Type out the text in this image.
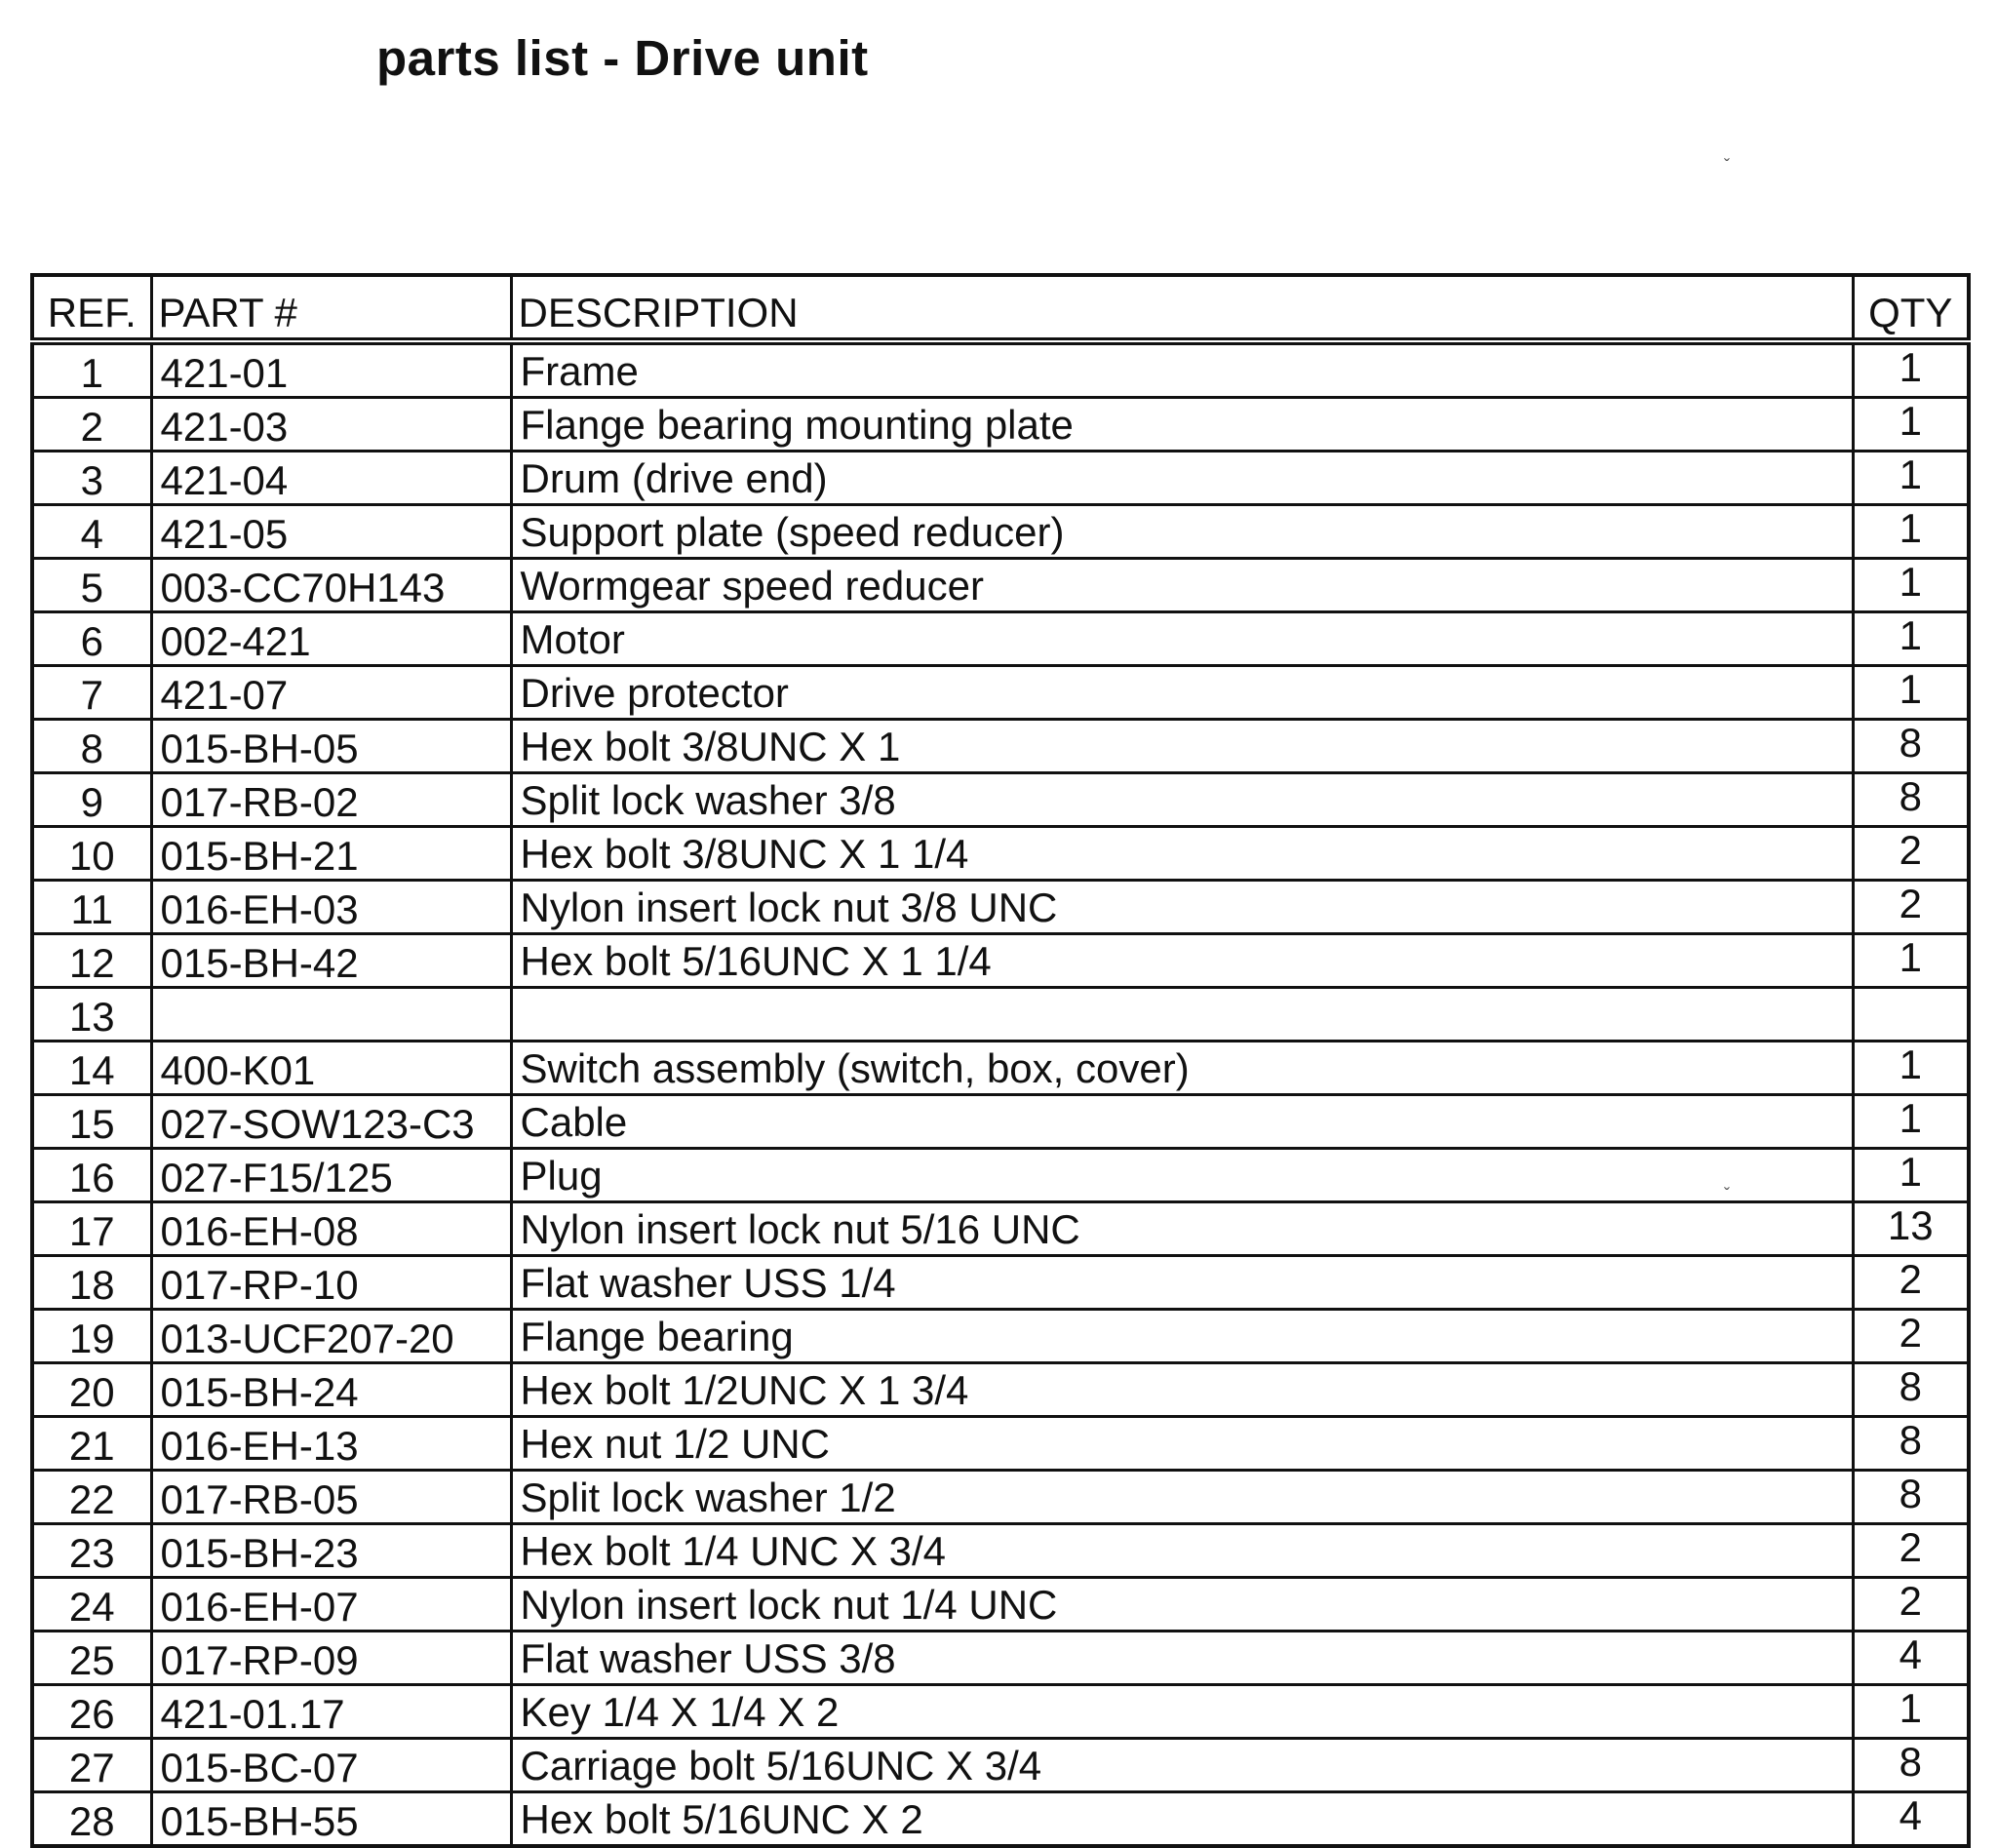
parts list - Drive unit
ˇ
ˇ
REF.	PART #	DESCRIPTION	QTY
1	421-01	Frame	1
2	421-03	Flange bearing mounting plate	1
3	421-04	Drum (drive end)	1
4	421-05	Support plate (speed reducer)	1
5	003-CC70H143	Wormgear speed reducer	1
6	002-421	Motor	1
7	421-07	Drive protector	1
8	015-BH-05	Hex bolt 3/8UNC X 1	8
9	017-RB-02	Split lock washer 3/8	8
10	015-BH-21	Hex bolt 3/8UNC X 1 1/4	2
11	016-EH-03	Nylon insert lock nut 3/8 UNC	2
12	015-BH-42	Hex bolt 5/16UNC X 1 1/4	1
13			
14	400-K01	Switch assembly (switch, box, cover)	1
15	027-SOW123-C3	Cable	1
16	027-F15/125	Plug	1
17	016-EH-08	Nylon insert lock nut 5/16 UNC	13
18	017-RP-10	Flat washer USS 1/4	2
19	013-UCF207-20	Flange bearing	2
20	015-BH-24	Hex bolt 1/2UNC X 1 3/4	8
21	016-EH-13	Hex nut 1/2 UNC	8
22	017-RB-05	Split lock washer 1/2	8
23	015-BH-23	Hex bolt 1/4 UNC X 3/4	2
24	016-EH-07	Nylon insert lock nut 1/4 UNC	2
25	017-RP-09	Flat washer USS 3/8	4
26	421-01.17	Key 1/4 X 1/4 X 2	1
27	015-BC-07	Carriage bolt 5/16UNC X 3/4	8
28	015-BH-55	Hex bolt 5/16UNC X 2	4
